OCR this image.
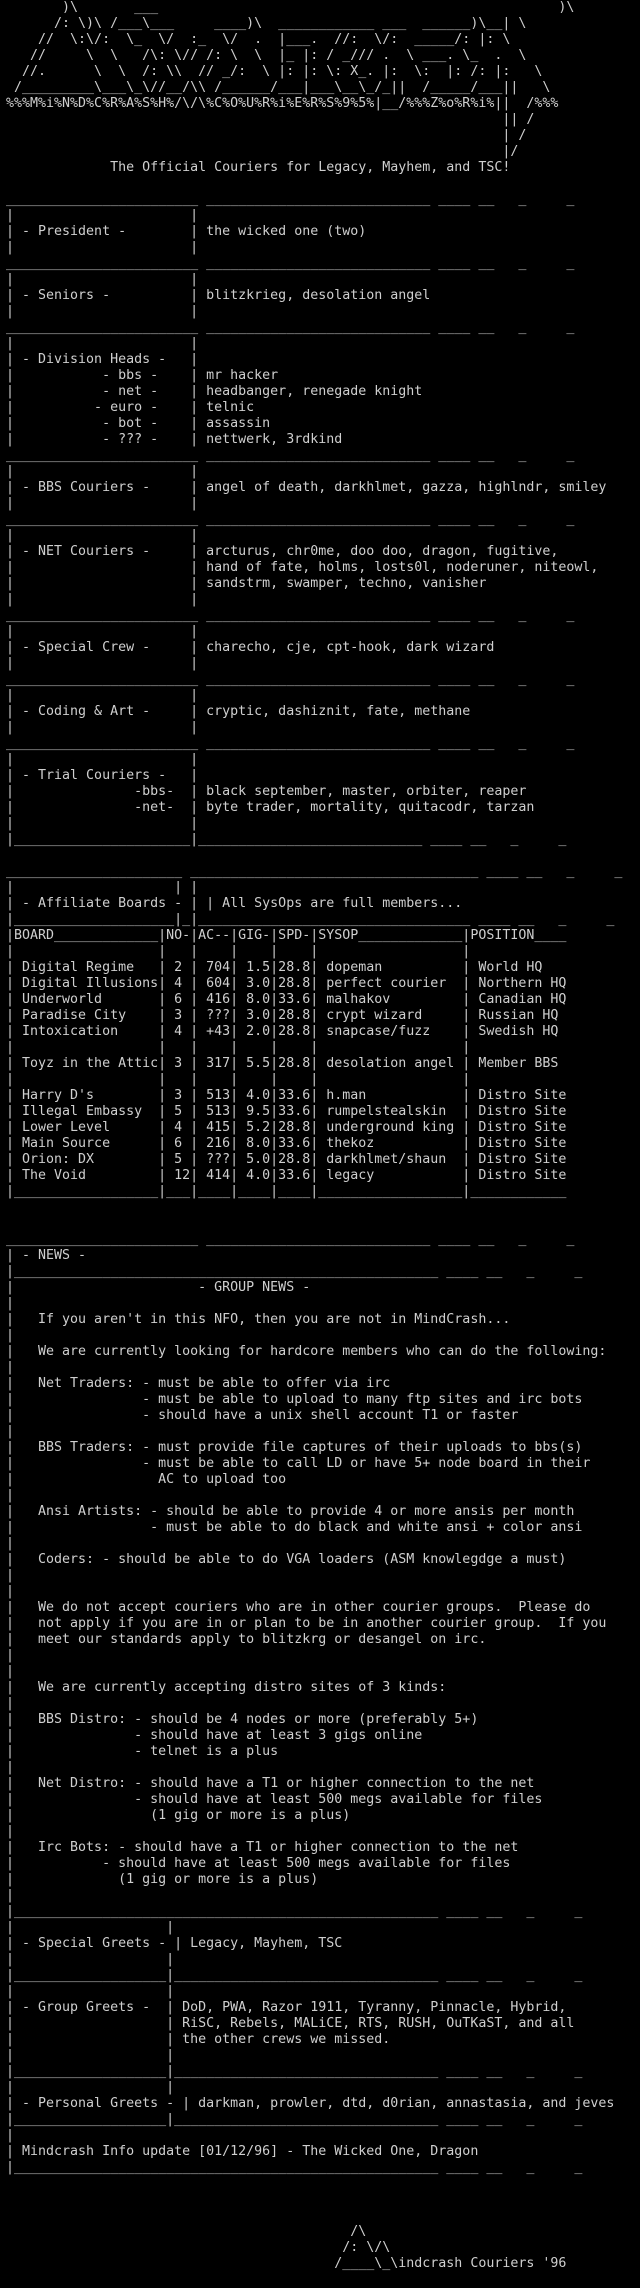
)\       ___                                                  )\
/: \)\ /___\___     ____)\  ____________ ___  ______)\__| \
//  \:\/:  \_  \/  :_  \/  .  |___.  //:  \/:  _____/: |: \
//     \  \   /\: \// /: \  \  |_ |: / _/// .  \ ___. \_  .  \
//.      \  \  /: \\  // _/:  \ |: |: \: X_. |:  \:  |: /: |:   \
/_________\___\_\//__/\\ /______/___|___\__\_/_||  /_____/___||   \
%%%M%i%N%D%C%R%A%S%H%/\/\%C%O%U%R%i%E%R%S%9%5%|__/%%%Z%o%R%i%||  /%%%
|| /
| /
|/
The Official Couriers for Legacy, Mayhem, and TSC!

________________________ ____________________________ ____ __   _     _
|                      |
| - President -        | the wicked one (two)
|                      |
________________________ ____________________________ ____ __   _     _
|                      |
| - Seniors -          | blitzkrieg, desolation angel
|                      |
________________________ ____________________________ ____ __   _     _
|                      |
| - Division Heads -   |
|           - bbs -    | mr hacker
|           - net -    | headbanger, renegade knight
|          - euro -    | telnic
|           - bot -    | assassin
|           - ??? -    | nettwerk, 3rdkind
________________________ ____________________________ ____ __   _     _
|                      |
| - BBS Couriers -     | angel of death, darkhlmet, gazza, highlndr, smiley
|                      |
________________________ ____________________________ ____ __   _     _
|                      |
| - NET Couriers -     | arcturus, chr0me, doo doo, dragon, fugitive,
|                      | hand of fate, holms, losts0l, noderuner, niteowl,
|                      | sandstrm, swamper, techno, vanisher
|                      |
________________________ ____________________________ ____ __   _     _
|                      |
| - Special Crew -     | charecho, cje, cpt-hook, dark wizard
|                      |
________________________ ____________________________ ____ __   _     _
|                      |
| - Coding & Art -     | cryptic, dashiznit, fate, methane
|                      |
________________________ ____________________________ ____ __   _     _
|                      |
| - Trial Couriers -   |
|               -bbs-  | black september, master, orbiter, reaper
|               -net-  | byte trader, mortality, quitacodr, tarzan
|                      |
|______________________|____________________________ ____ __   _     _

______________________ ____________________________________ ____ __   _     _
|                    | |
| - Affiliate Boards - | | All SysOps are full members...
|____________________|_|__________________________________ ____ __   _     _
|BOARD_____________|NO-|AC--|GIG-|SPD-|SYSOP_____________|POSITION____
|                  |   |    |    |    |                  |
| Digital Regime   | 2 | 704| 1.5|28.8| dopeman          | World HQ
| Digital Illusions| 4 | 604| 3.0|28.8| perfect courier  | Northern HQ
| Underworld       | 6 | 416| 8.0|33.6| malhakov         | Canadian HQ
| Paradise City    | 3 | ???| 3.0|28.8| crypt wizard     | Russian HQ
| Intoxication     | 4 | +43| 2.0|28.8| snapcase/fuzz    | Swedish HQ
|                  |   |    |    |    |                  |
| Toyz in the Attic| 3 | 317| 5.5|28.8| desolation angel | Member BBS
|                  |   |    |    |    |                  |
| Harry D's        | 3 | 513| 4.0|33.6| h.man            | Distro Site
| Illegal Embassy  | 5 | 513| 9.5|33.6| rumpelstealskin  | Distro Site
| Lower Level      | 4 | 415| 5.2|28.8| underground king | Distro Site
| Main Source      | 6 | 216| 8.0|33.6| thekoz           | Distro Site
| Orion: DX        | 5 | ???| 5.0|28.8| darkhlmet/shaun  | Distro Site
| The Void         | 12| 414| 4.0|33.6| legacy           | Distro Site
|__________________|___|____|____|____|__________________|____________

________________________ ____________________________ ____ __   _     _
| - NEWS -
|_____________________________________________________ ____ __   _     _
|                       - GROUP NEWS -
|
|   If you aren't in this NFO, then you are not in MindCrash...
|
|   We are currently looking for hardcore members who can do the following:
|
|   Net Traders: - must be able to offer via irc
|                - must be able to upload to many ftp sites and irc bots
|                - should have a unix shell account T1 or faster
|
|   BBS Traders: - must provide file captures of their uploads to bbs(s)
|                - must be able to call LD or have 5+ node board in their
|                  AC to upload too
|
|   Ansi Artists: - should be able to provide 4 or more ansis per month
|                 - must be able to do black and white ansi + color ansi
|
|   Coders: - should be able to do VGA loaders (ASM knowlegdge a must)
|
|
|   We do not accept couriers who are in other courier groups.  Please do
|   not apply if you are in or plan to be in another courier group.  If you
|   meet our standards apply to blitzkrg or desangel on irc.
|
|
|   We are currently accepting distro sites of 3 kinds:
|
|   BBS Distro: - should be 4 nodes or more (preferably 5+)
|               - should have at least 3 gigs online
|               - telnet is a plus
|
|   Net Distro: - should have a T1 or higher connection to the net
|               - should have at least 500 megs available for files
|                 (1 gig or more is a plus)
|
|   Irc Bots: - should have a T1 or higher connection to the net
|           - should have at least 500 megs available for files
|             (1 gig or more is a plus)
|
|_____________________________________________________ ____ __   _     _
|                   |
| - Special Greets - | Legacy, Mayhem, TSC
|                   |
|___________________|_________________________________ ____ __   _     _
|                   |
| - Group Greets -  | DoD, PWA, Razor 1911, Tyranny, Pinnacle, Hybrid,
|                   | RiSC, Rebels, MALiCE, RTS, RUSH, OuTKaST, and all
|                   | the other crews we missed.
|                   |
|___________________|_________________________________ ____ __   _     _
|                   |
| - Personal Greets - | darkman, prowler, dtd, d0rian, annastasia, and jeves
|___________________|_________________________________ ____ __   _     _
|
| Mindcrash Info update [01/12/96] - The Wicked One, Dragon
|_____________________________________________________ ____ __   _     _

/\
/: \/\
/____\_\indcrash Couriers '96
